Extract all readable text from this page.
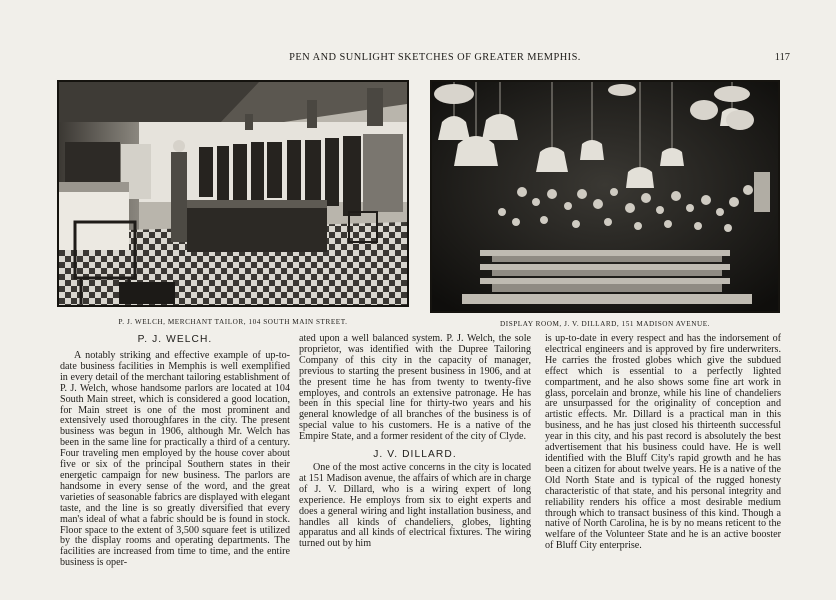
PEN AND SUNLIGHT SKETCHES OF GREATER MEMPHIS.	117
P. J. WELCH, MERCHANT TAILOR, 104 SOUTH MAIN STREET.	DISPLAY ROOM, J. V. DILLARD, 151 MADISON AVENUE.
P. J. WELCH.

A notably striking and effective example of up-to-date business facilities in Memphis is well exemplified in every detail of the merchant tailoring establishment of P. J. Welch, whose handsome parlors are located at 104 South Main street, which is considered a good location, for Main street is one of the most prominent and extensively used thoroughfares in the city. The present business was begun in 1906, although Mr. Welch has been in the same line for practically a third of a century. Four traveling men employed by the house cover about five or six of the principal Southern states in their energetic campaign for new business. The parlors are handsome in every sense of the word, and the great varieties of seasonable fabrics are displayed with elegant taste, and the line is so greatly diversified that every man's ideal of what a fabric should be is found in stock. Floor space to the extent of 3,500 square feet is utilized by the display rooms and operating departments. The facilities are increased from time to time, and the entire business is oper-

ated upon a well balanced system. P. J. Welch, the sole proprietor, was identified with the Dupree Tailoring Company of this city in the capacity of manager, previous to starting the present business in 1906, and at the present time he has from twenty to twenty-five employes, and controls an extensive patronage. He has been in this special line for thirty-two years and his general knowledge of all branches of the business is of special value to his customers. He is a native of the Empire State, and a former resident of the city of Clyde.

J. V. DILLARD.

One of the most active concerns in the city is located at 151 Madison avenue, the affairs of which are in charge of J. V. Dillard, who is a wiring expert of long experience. He employs from six to eight experts and does a general wiring and light installation business, and handles all kinds of chandeliers, globes, lighting apparatus and all kinds of electrical fixtures. The wiring turned out by him

is up-to-date in every respect and has the indorsement of electrical engineers and is approved by fire underwriters. He carries the frosted globes which give the subdued effect which is essential to a perfectly lighted compartment, and he also shows some fine art work in glass, porcelain and bronze, while his line of chandeliers are unsurpassed for the originality of conception and artistic effects. Mr. Dillard is a practical man in this business, and he has just closed his thirteenth successful year in this city, and his past record is absolutely the best advertisement that his business could have. He is well identified with the Bluff City's rapid growth and he has been a citizen for about twelve years. He is a native of the Old North State and is typical of the rugged honesty characteristic of that state, and his personal integrity and reliability renders his office a most desirable medium through which to transact business of this kind. Though a native of North Carolina, he is by no means reticent to the welfare of the Volunteer State and he is an active booster of Bluff City enterprise.
